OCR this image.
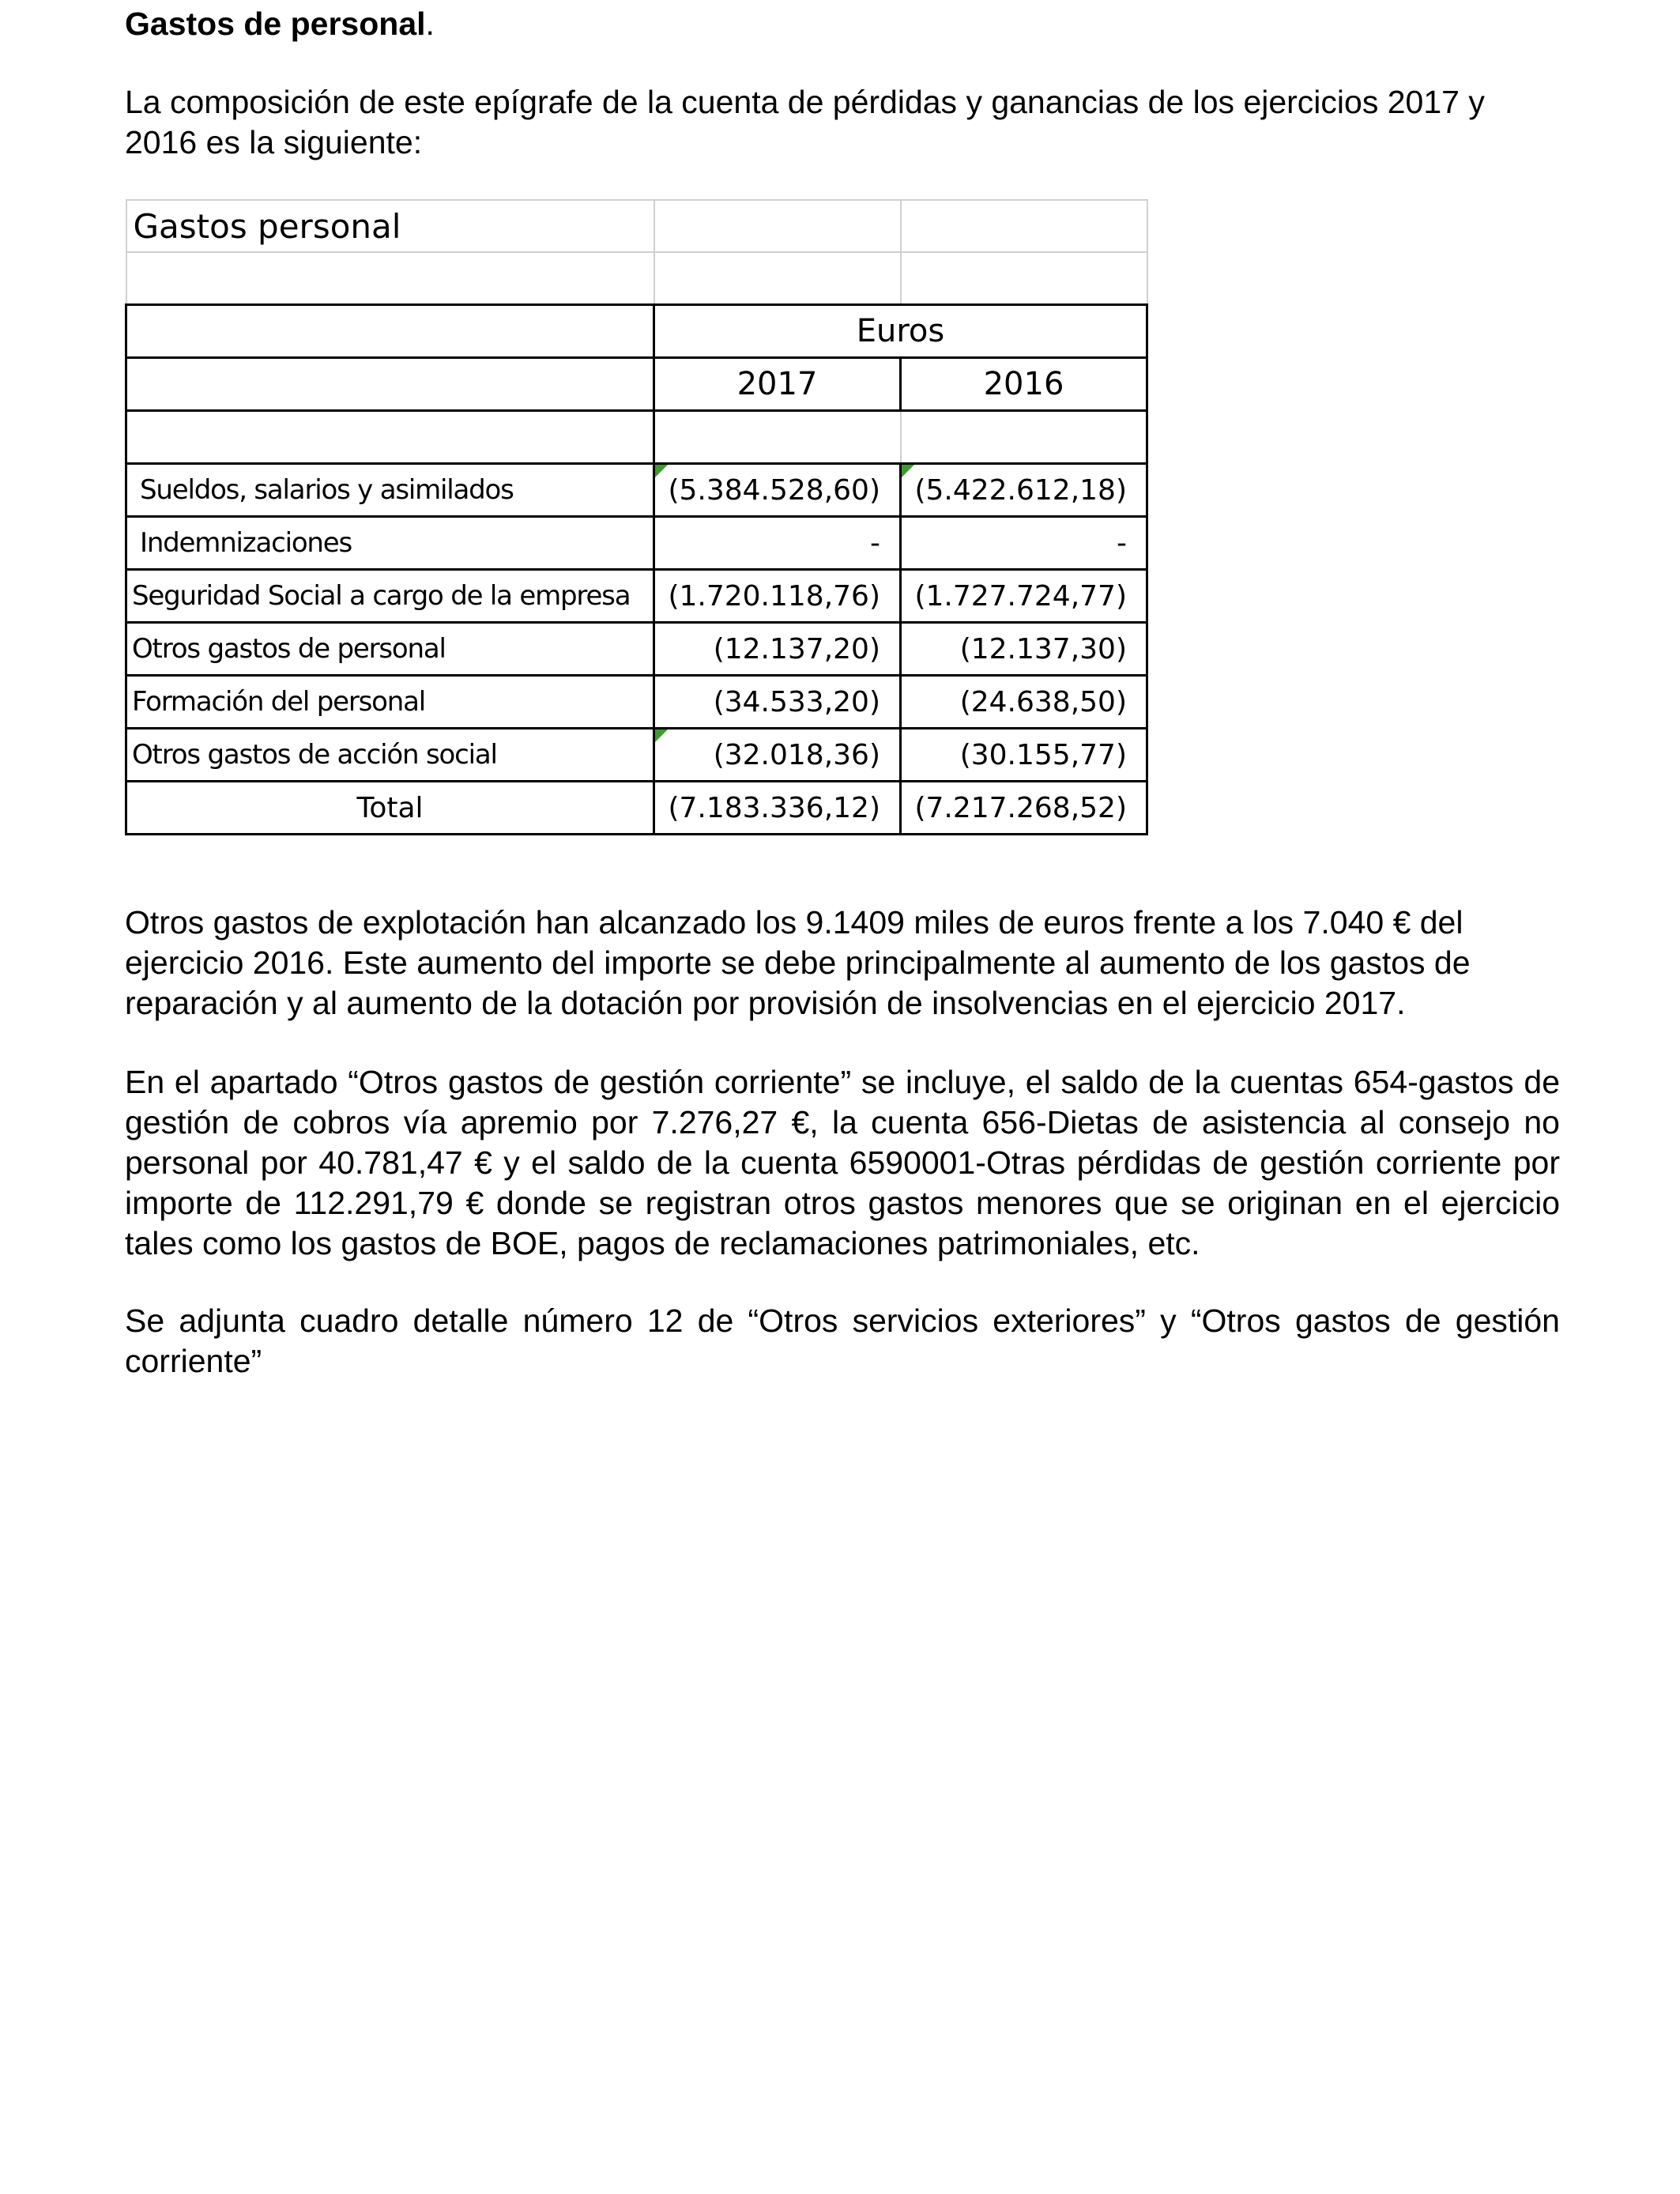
Gastos de personal.

La composición de este epígrafe de la cuenta de pérdidas y ganancias de los ejercicios 2017 y 2016 es la siguiente:

Gastos personal		

	Euros	
	2017	2016

Sueldos, salarios y asimilados	(5.384.528,60)	(5.422.612,18)
Indemnizaciones	-	-
Seguridad Social a cargo de la empresa	(1.720.118,76)	(1.727.724,77)
Otros gastos de personal	(12.137,20)	(12.137,30)
Formación del personal	(34.533,20)	(24.638,50)
Otros gastos de acción social	(32.018,36)	(30.155,77)
Total	(7.183.336,12)	(7.217.268,52)

Otros gastos de explotación han alcanzado los 9.1409 miles de euros frente a los 7.040 € del ejercicio 2016. Este aumento del importe se debe principalmente al aumento de los gastos de reparación y al aumento de la dotación por provisión de insolvencias en el ejercicio 2017.

En el apartado “Otros gastos de gestión corriente” se incluye, el saldo de la cuentas 654-gastos de gestión de cobros vía apremio por 7.276,27 €, la cuenta 656-Dietas de asistencia al consejo no personal por 40.781,47 € y el saldo de la cuenta 6590001-Otras pérdidas de gestión corriente por importe de 112.291,79 € donde se registran otros gastos menores que se originan en el ejercicio tales como los gastos de BOE, pagos de reclamaciones patrimoniales, etc.

Se adjunta cuadro detalle número 12 de “Otros servicios exteriores” y “Otros gastos de gestión corriente”
